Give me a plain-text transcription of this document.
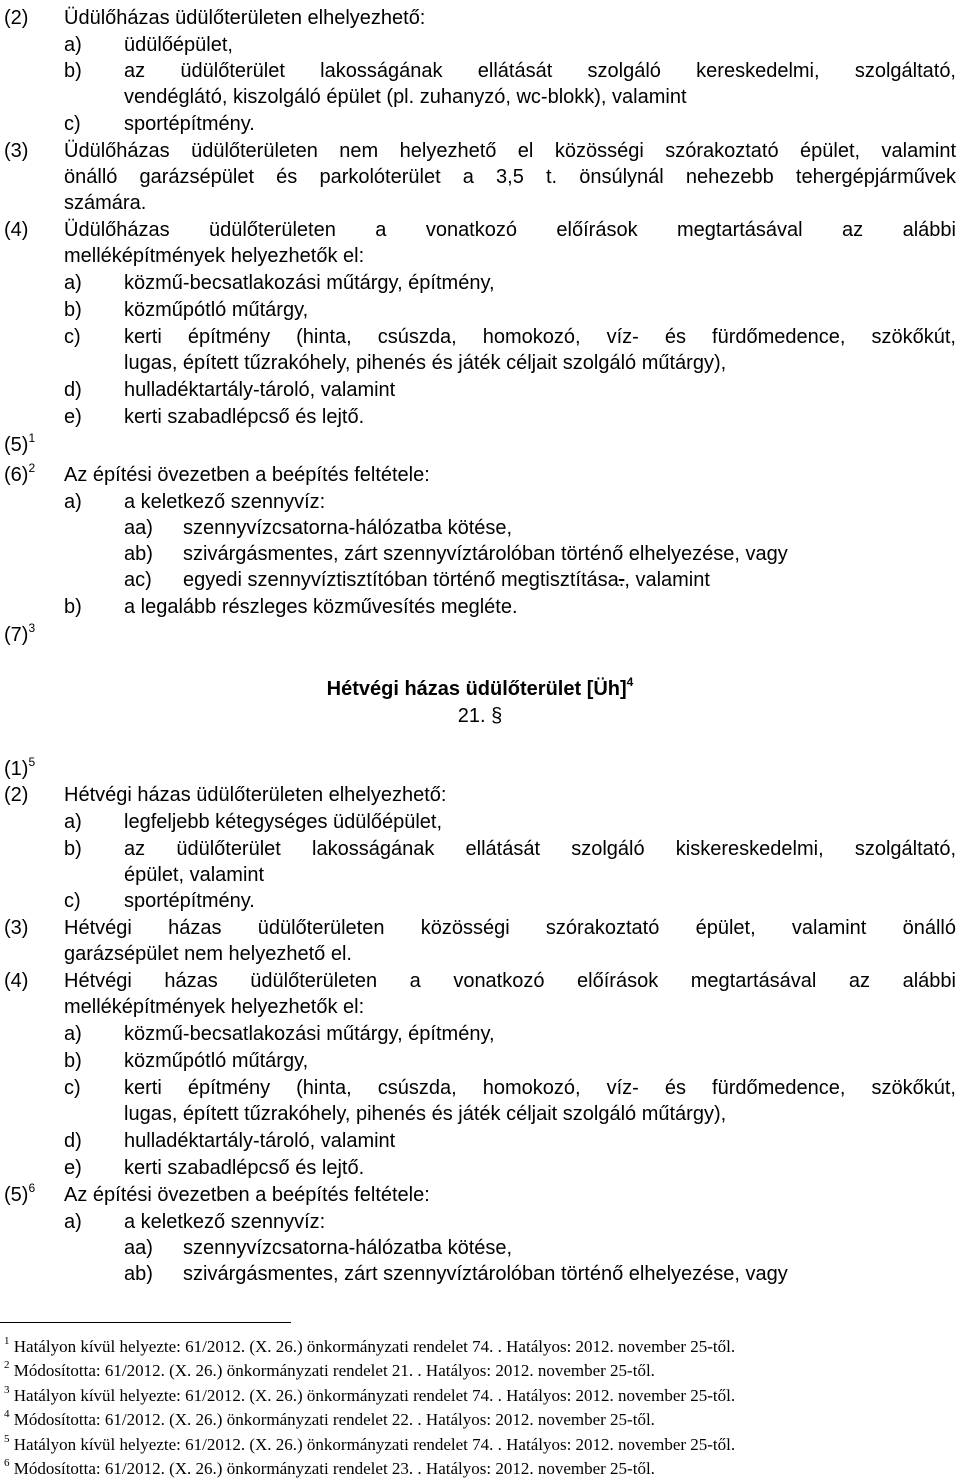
(2) Üdülőházas üdülőterületen elhelyezhető:
a) üdülőépület,
b) az üdülőterület lakosságának ellátását szolgáló kereskedelmi, szolgáltató,
vendéglátó, kiszolgáló épület (pl. zuhanyzó, wc-blokk), valamint
c) sportépítmény.
(3) Üdülőházas üdülőterületen nem helyezhető el közösségi szórakoztató épület, valamint
önálló garázsépület és parkolóterület a 3,5 t. önsúlynál nehezebb tehergépjárművek
számára.
(4) Üdülőházas üdülőterületen a vonatkozó előírások megtartásával az alábbi
melléképítmények helyezhetők el:
a) közmű-becsatlakozási műtárgy, építmény,
b) közműpótló műtárgy,
c) kerti építmény (hinta, csúszda, homokozó, víz- és fürdőmedence, szökőkút,
lugas, épített tűzrakóhely, pihenés és játék céljait szolgáló műtárgy),
d) hulladéktartály-tároló, valamint
e) kerti szabadlépcső és lejtő.
$(5)^1$
$(6)^2$ Az építési övezetben a beépítés feltétele:
a) a keletkező szennyvíz:
aa) szennyvízcsatorna-hálózatba kötése,
ab) szivárgásmentes, zárt szennyvíztárolóban történő elhelyezése, vagy
ac) egyedi szennyvíztisztítóban történő megtisztítása., valamint
b) a legalább részleges közművesítés megléte.
$(7)^3$
Hétvégi házas üdülőterület [Üh]$^4$
21. §
$(1)^5$
(2) Hétvégi házas üdülőterületen elhelyezhető:
a) legfeljebb kétegységes üdülőépület,
b) az üdülőterület lakosságának ellátását szolgáló kiskereskedelmi, szolgáltató,
épület, valamint
c) sportépítmény.
(3) Hétvégi házas üdülőterületen közösségi szórakoztató épület, valamint önálló
garázsépület nem helyezhető el.
(4) Hétvégi házas üdülőterületen a vonatkozó előírások megtartásával az alábbi
melléképítmények helyezhetők el:
a) közmű-becsatlakozási műtárgy, építmény,
b) közműpótló műtárgy,
c) kerti építmény (hinta, csúszda, homokozó, víz- és fürdőmedence, szökőkút,
lugas, épített tűzrakóhely, pihenés és játék céljait szolgáló műtárgy),
d) hulladéktartály-tároló, valamint
e) kerti szabadlépcső és lejtő.
$(5)^6$ Az építési övezetben a beépítés feltétele:
a) a keletkező szennyvíz:
aa) szennyvízcsatorna-hálózatba kötése,
ab) szivárgásmentes, zárt szennyvíztárolóban történő elhelyezése, vagy
$^1$ Hatályon kívül helyezte: 61/2012. (X. 26.) önkormányzati rendelet 74. . Hatályos: 2012. november 25-től.
$^2$ Módosította: 61/2012. (X. 26.) önkormányzati rendelet 21. . Hatályos: 2012. november 25-től.
$^3$ Hatályon kívül helyezte: 61/2012. (X. 26.) önkormányzati rendelet 74. . Hatályos: 2012. november 25-től.
$^4$ Módosította: 61/2012. (X. 26.) önkormányzati rendelet 22. . Hatályos: 2012. november 25-től.
$^5$ Hatályon kívül helyezte: 61/2012. (X. 26.) önkormányzati rendelet 74. . Hatályos: 2012. november 25-től.
$^6$ Módosította: 61/2012. (X. 26.) önkormányzati rendelet 23. . Hatályos: 2012. november 25-től.
